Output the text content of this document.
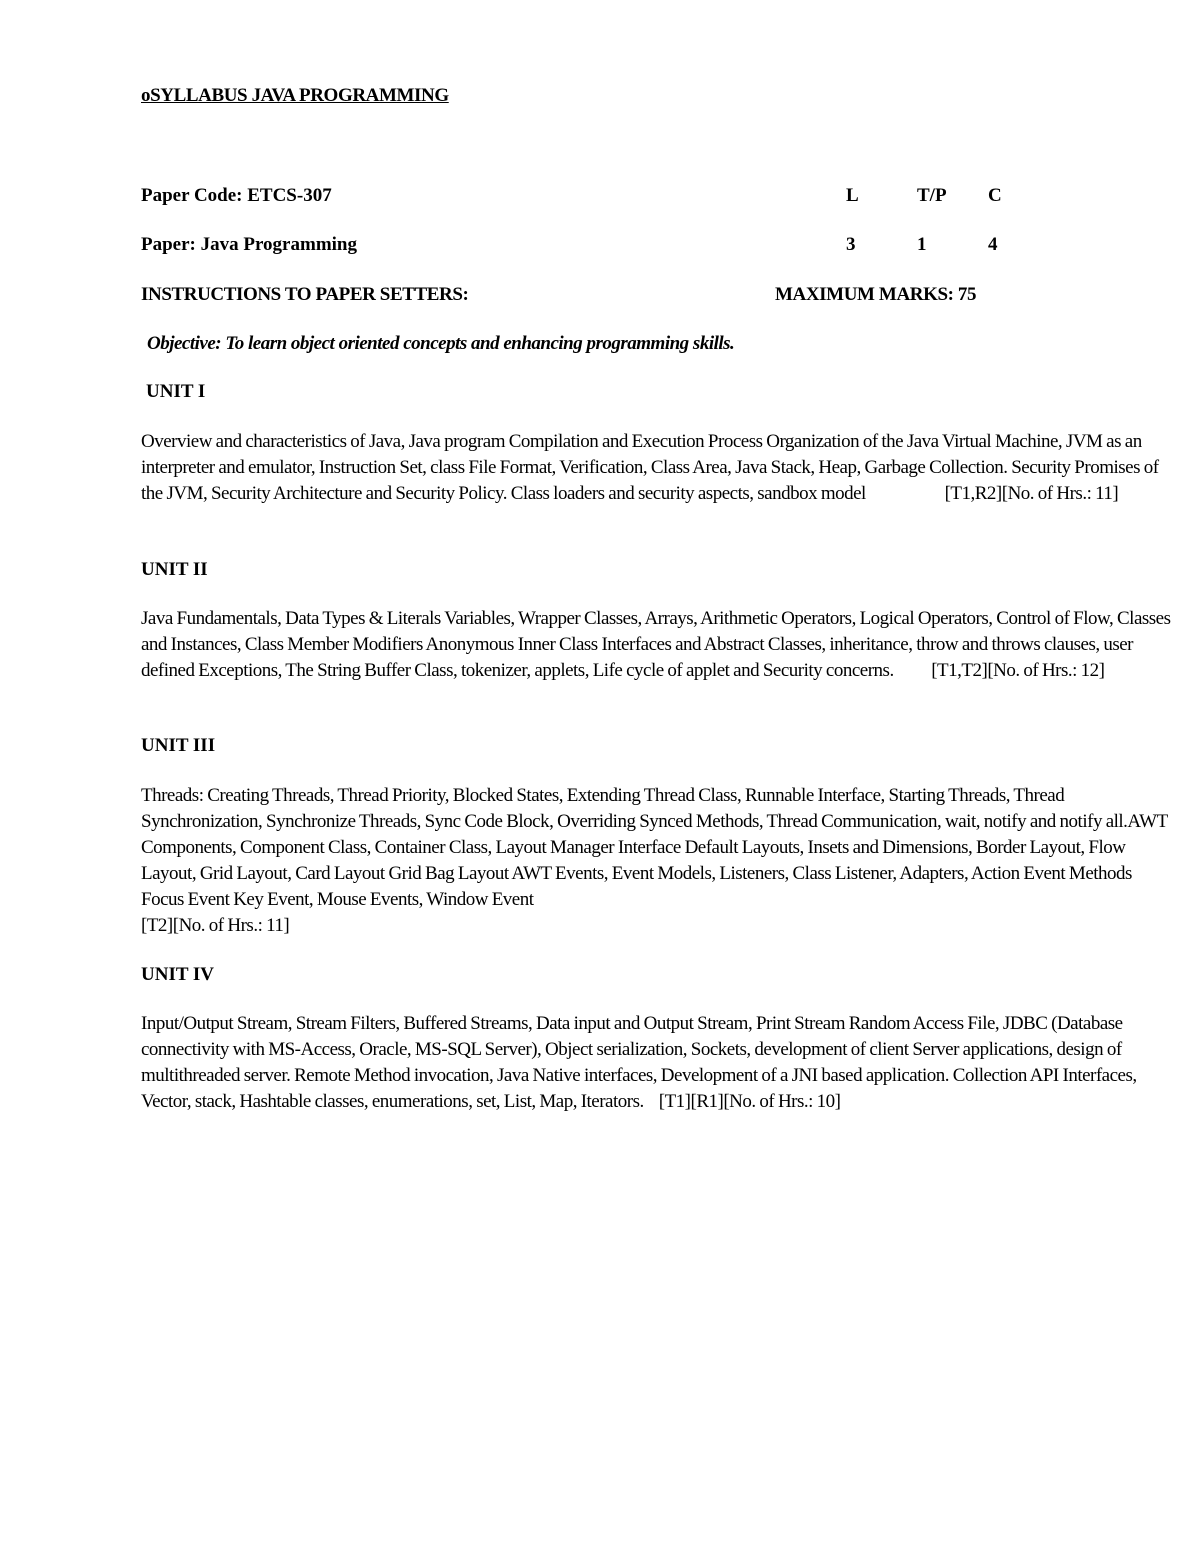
oSYLLABUS JAVA PROGRAMMING
Paper Code: ETCS-307	L	T/P C
Paper: Java Programming	3	1	4
INSTRUCTIONS TO PAPER SETTERS:	MAXIMUM MARKS: 75
Objective: To learn object oriented concepts and enhancing programming skills.
UNIT I
Overview and characteristics of Java, Java program Compilation and Execution Process Organization of the Java Virtual Machine, JVM as an interpreter and emulator, Instruction Set, class File Format, Verification, Class Area, Java Stack, Heap, Garbage Collection. Security Promises of the JVM, Security Architecture and Security Policy. Class loaders and security aspects, sandbox model	[T1,R2][No. of Hrs.: 11]
UNIT II
Java Fundamentals, Data Types & Literals Variables, Wrapper Classes, Arrays, Arithmetic Operators, Logical Operators, Control of Flow, Classes and Instances, Class Member Modifiers Anonymous Inner Class Interfaces and Abstract Classes, inheritance, throw and throws clauses, user defined Exceptions, The String Buffer Class, tokenizer, applets, Life cycle of applet and Security concerns. [T1,T2][No. of Hrs.: 12]
UNIT III
Threads: Creating Threads, Thread Priority, Blocked States, Extending Thread Class, Runnable Interface, Starting Threads, Thread Synchronization, Synchronize Threads, Sync Code Block, Overriding Synced Methods, Thread Communication, wait, notify and notify all.AWT Components, Component Class, Container Class, Layout Manager Interface Default Layouts, Insets and Dimensions, Border Layout, Flow Layout, Grid Layout, Card Layout Grid Bag Layout AWT Events, Event Models, Listeners, Class Listener, Adapters, Action Event Methods Focus Event Key Event, Mouse Events, Window Event
[T2][No. of Hrs.: 11]
UNIT IV
Input/Output Stream, Stream Filters, Buffered Streams, Data input and Output Stream, Print Stream Random Access File, JDBC (Database connectivity with MS-Access, Oracle, MS-SQL Server), Object serialization, Sockets, development of client Server applications, design of multithreaded server. Remote Method invocation, Java Native interfaces, Development of a JNI based application. Collection API Interfaces, Vector, stack, Hashtable classes, enumerations, set, List, Map, Iterators. [T1][R1][No. of Hrs.: 10]
